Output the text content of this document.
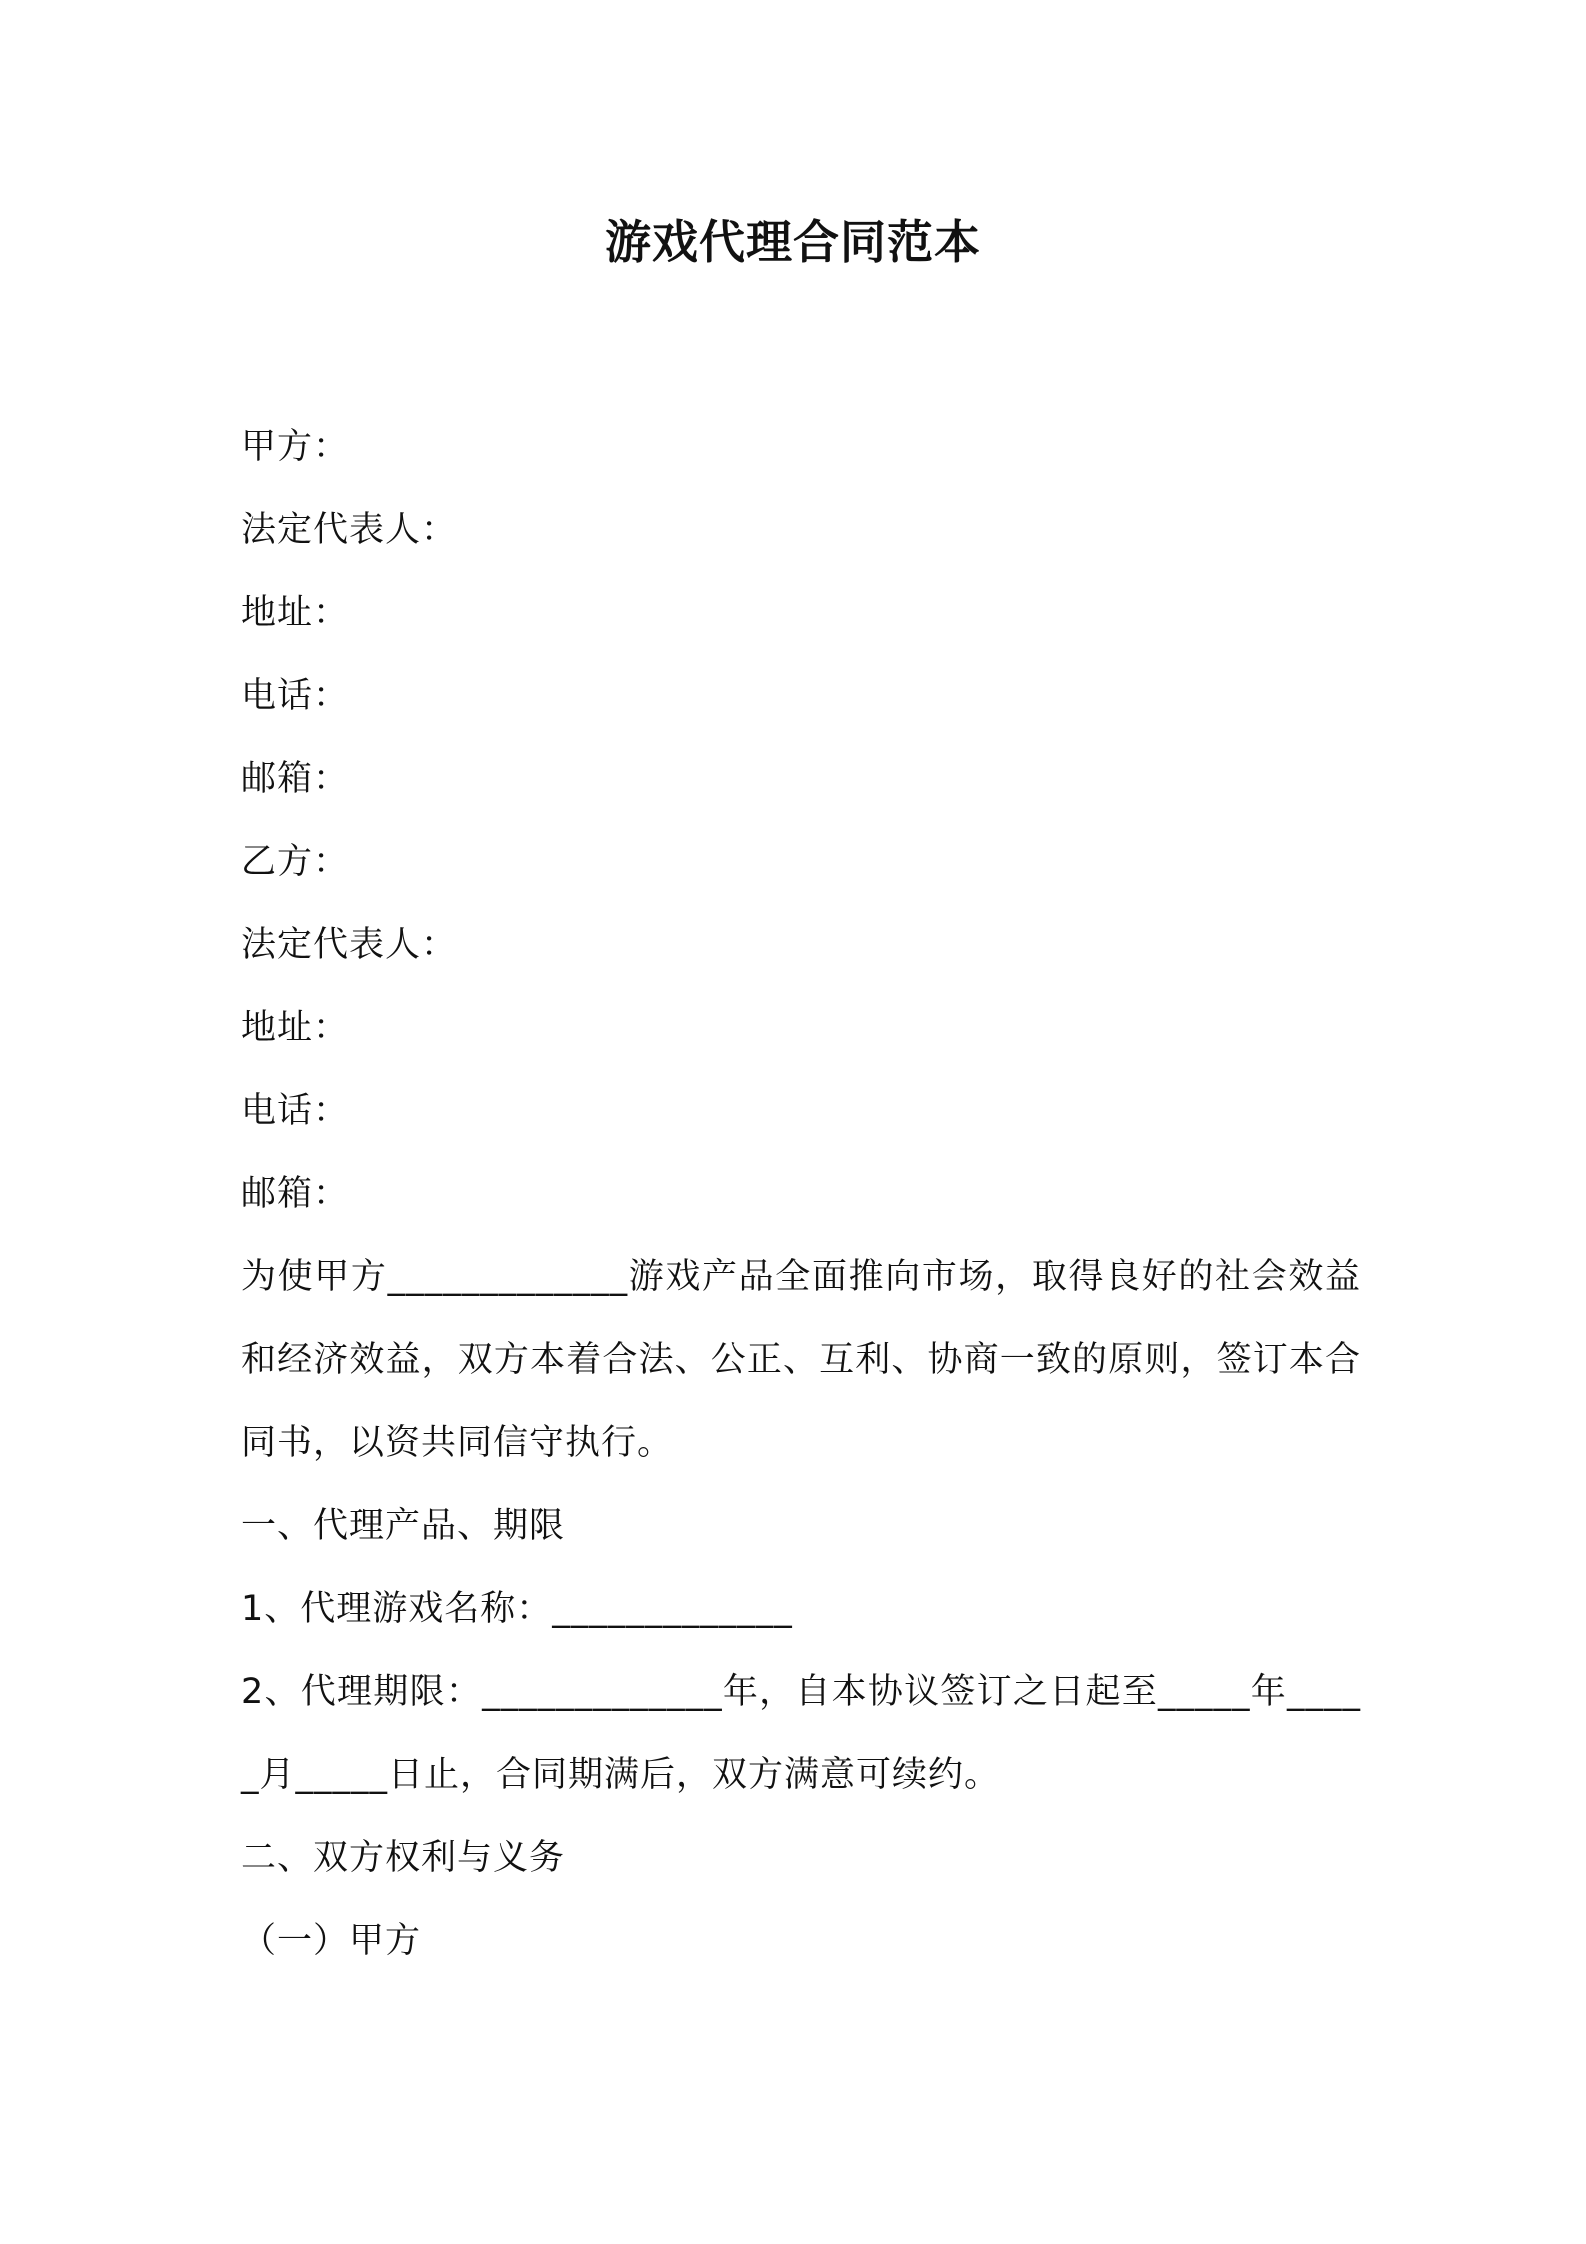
游戏代理合同范本
甲方：
法定代表人：
地址：
电话：
邮箱：
乙方：
法定代表人：
地址：
电话：
邮箱：
为使甲方_____________游戏产品全面推向市场，取得良好的社会效益和经济效益，双方本着合法、公正、互利、协商一致的原则，签订本合同书，以资共同信守执行。
一、代理产品、期限
1、代理游戏名称：_____________
2、代理期限：_____________年，自本协议签订之日起至_____年_____月_____日止，合同期满后，双方满意可续约。
二、双方权利与义务
（一）甲方
